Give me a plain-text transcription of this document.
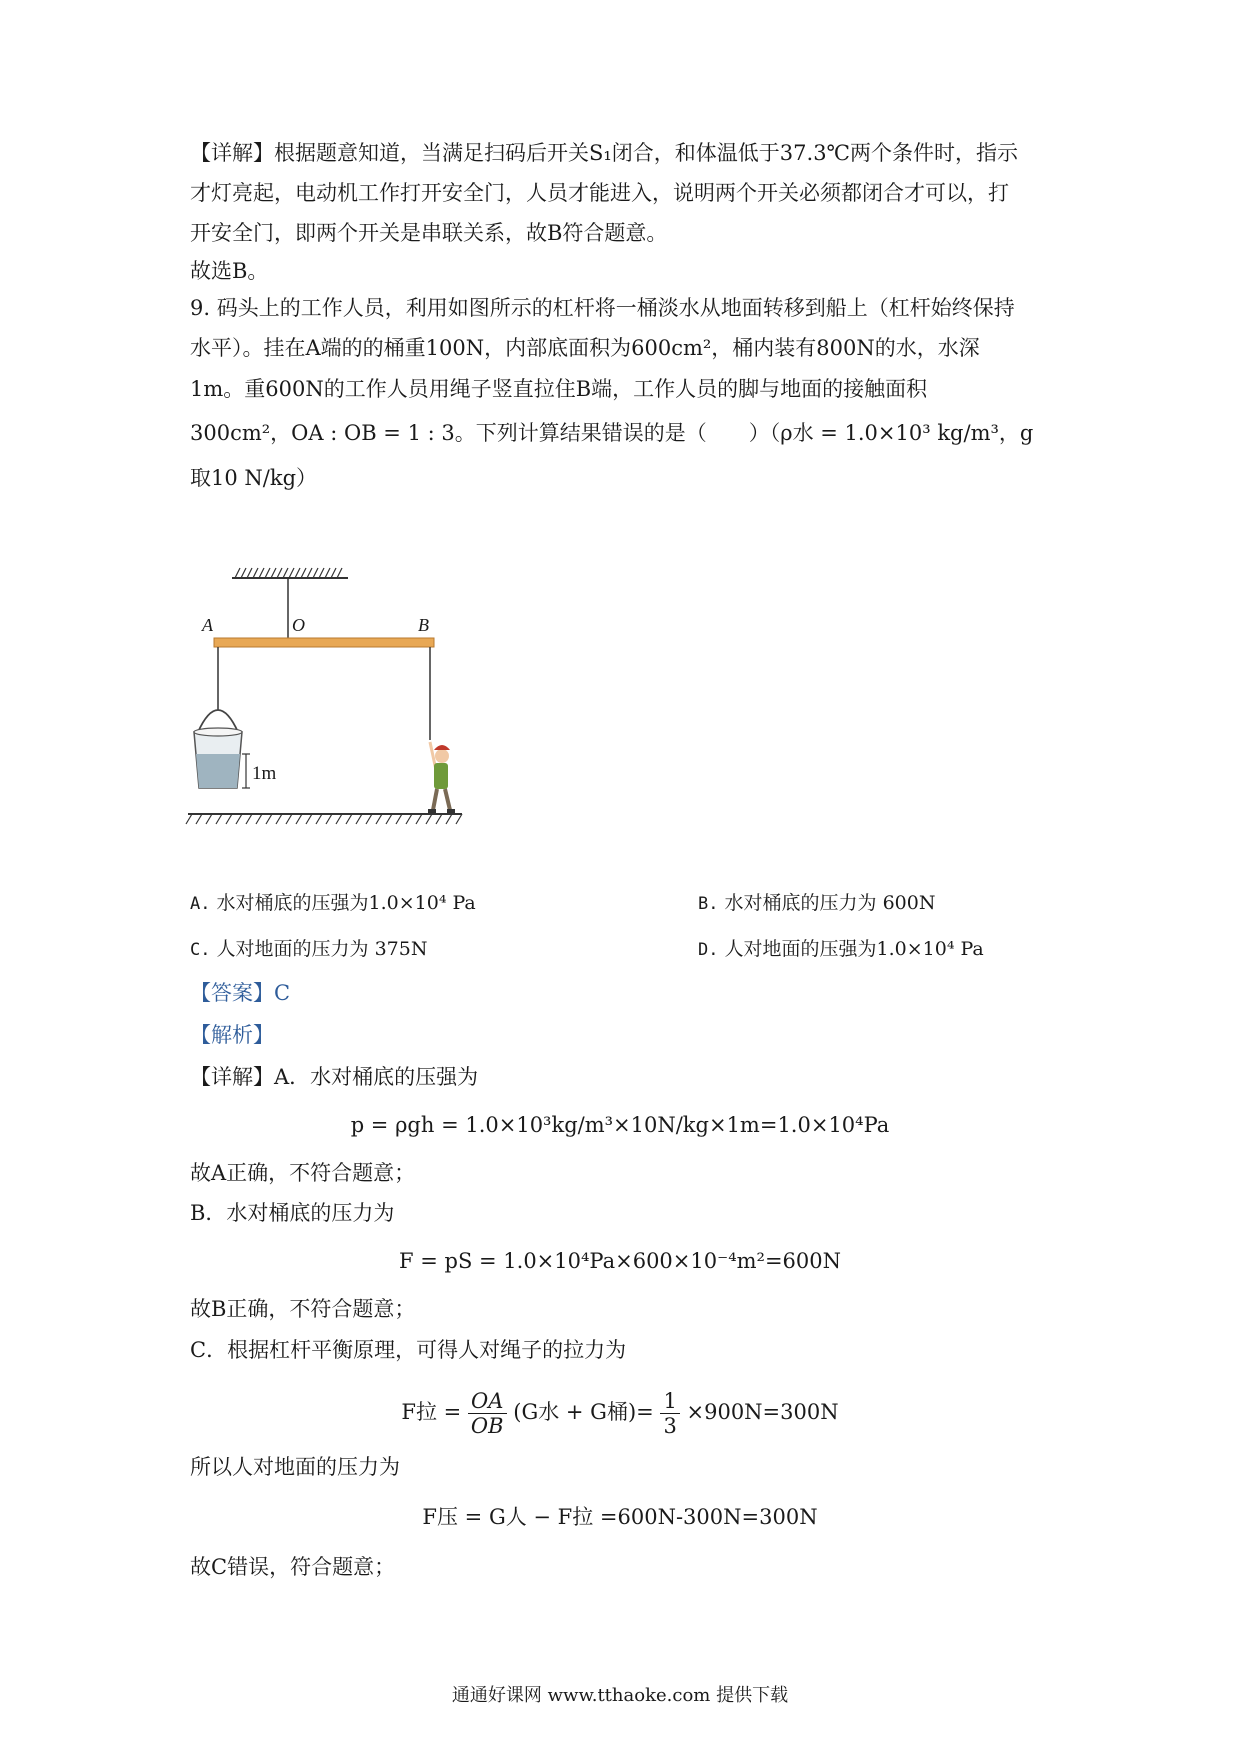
【详解】根据题意知道，当满足扫码后开关S₁闭合，和体温低于37.3℃两个条件时，指示
才灯亮起，电动机工作打开安全门，人员才能进入，说明两个开关必须都闭合才可以，打
开安全门，即两个开关是串联关系，故B符合题意。
故选B。
9. 码头上的工作人员，利用如图所示的杠杆将一桶淡水从地面转移到船上（杠杆始终保持
水平）。挂在A端的的桶重100N，内部底面积为600cm²，桶内装有800N的水，水深
1m。重600N的工作人员用绳子竖直拉住B端，工作人员的脚与地面的接触面积
300cm²，OA : OB = 1 : 3。下列计算结果错误的是（　　）（ρ水 = 1.0×10³ kg/m³，g
取10 N/kg）
A	O	B
1m
A. 水对桶底的压强为1.0×10⁴ Pa	B. 水对桶底的压力为 600N
C. 人对地面的压力为 375N	D. 人对地面的压强为1.0×10⁴ Pa
【答案】C
【解析】
【详解】A．水对桶底的压强为
p = ρgh = 1.0×10³kg/m³×10N/kg×1m=1.0×10⁴Pa
故A正确，不符合题意；
B．水对桶底的压力为
F = pS = 1.0×10⁴Pa×600×10⁻⁴m²=600N
故B正确，不符合题意；
C．根据杠杆平衡原理，可得人对绳子的拉力为
F拉 = $\frac{OA}{OB} (G$水 + G桶)= $\frac{1}{3} \times 900N=300N$
所以人对地面的压力为
F压 = G人 − F拉 =600N-300N=300N
故C错误，符合题意；
通通好课网 www.tthaoke.com 提供下载
